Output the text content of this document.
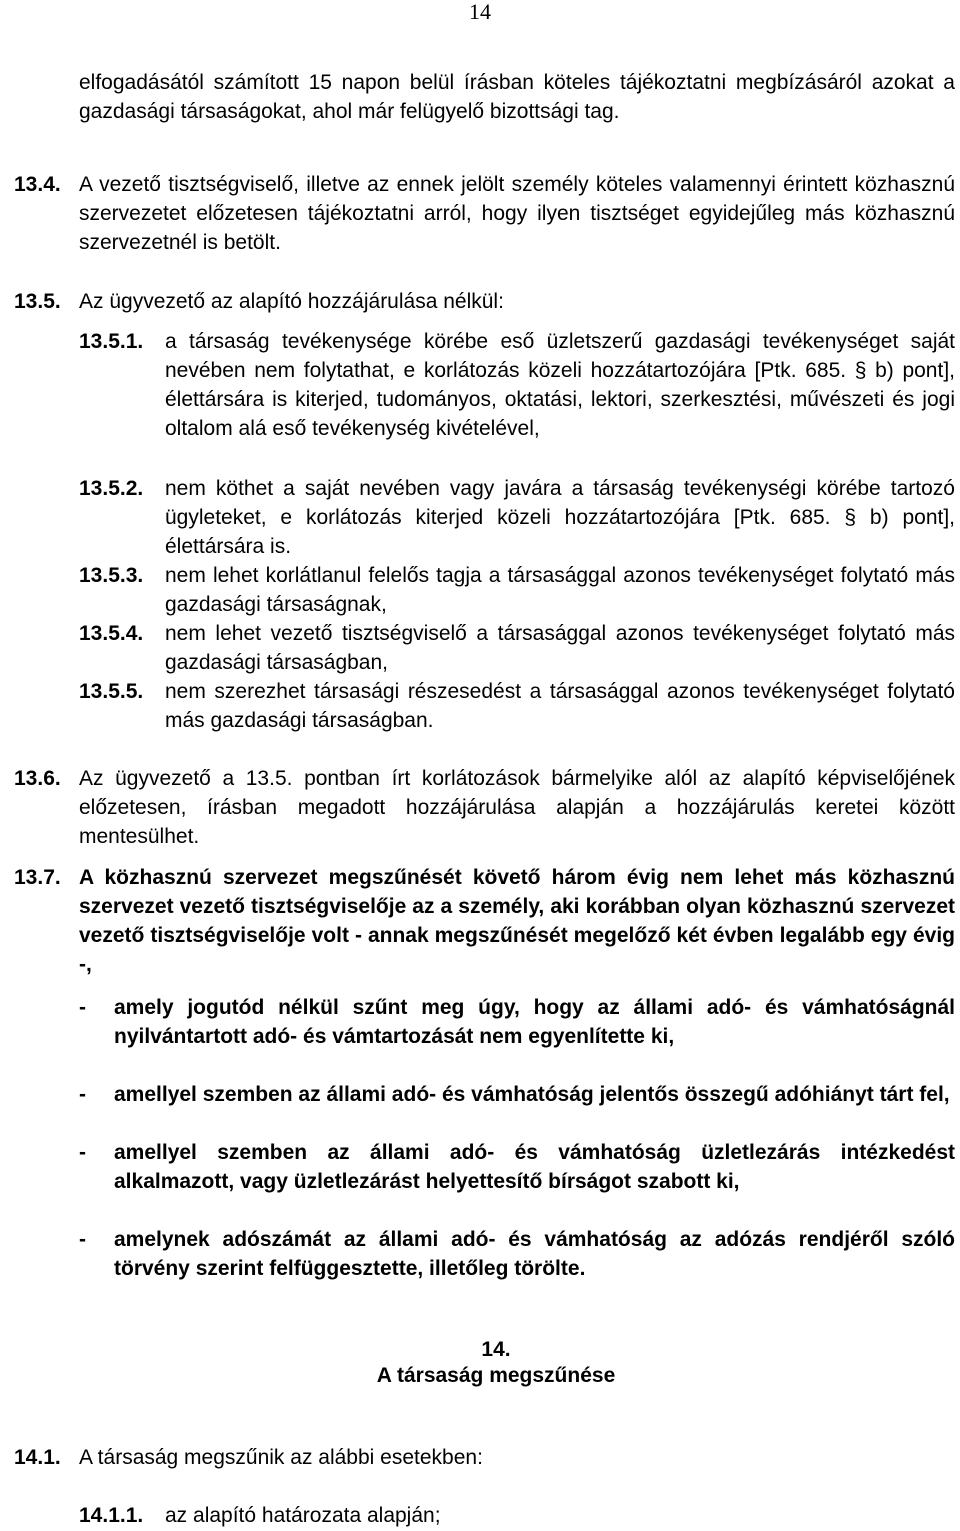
14
elfogadásától számított 15 napon belül írásban köteles tájékoztatni megbízásáról azokat a gazdasági társaságokat, ahol már felügyelő bizottsági tag.
13.4. A vezető tisztségviselő, illetve az ennek jelölt személy köteles valamennyi érintett közhasznú szervezetet előzetesen tájékoztatni arról, hogy ilyen tisztséget egyidejűleg más közhasznú szervezetnél is betölt.
13.5. Az ügyvezető az alapító hozzájárulása nélkül:
13.5.1. a társaság tevékenysége körébe eső üzletszerű gazdasági tevékenységet saját nevében nem folytathat, e korlátozás közeli hozzátartozójára [Ptk. 685. § b) pont], élettársára is kiterjed, tudományos, oktatási, lektori, szerkesztési, művészeti és jogi oltalom alá eső tevékenység kivételével,
13.5.2. nem köthet a saját nevében vagy javára a társaság tevékenységi körébe tartozó ügyleteket, e korlátozás kiterjed közeli hozzátartozójára [Ptk. 685. § b) pont], élettársára is.
13.5.3. nem lehet korlátlanul felelős tagja a társasággal azonos tevékenységet folytató más gazdasági társaságnak,
13.5.4. nem lehet vezető tisztségviselő a társasággal azonos tevékenységet folytató más gazdasági társaságban,
13.5.5. nem szerezhet társasági részesedést a társasággal azonos tevékenységet folytató más gazdasági társaságban.
13.6. Az ügyvezető a 13.5. pontban írt korlátozások bármelyike alól az alapító képviselőjének előzetesen, írásban megadott hozzájárulása alapján a hozzájárulás keretei között mentesülhet.
13.7. A közhasznú szervezet megszűnését követő három évig nem lehet más közhasznú szervezet vezető tisztségviselője az a személy, aki korábban olyan közhasznú szervezet vezető tisztségviselője volt - annak megszűnését megelőző két évben legalább egy évig -,
- amely jogutód nélkül szűnt meg úgy, hogy az állami adó- és vámhatóságnál nyilvántartott adó- és vámtartozását nem egyenlítette ki,
- amellyel szemben az állami adó- és vámhatóság jelentős összegű adóhiányt tárt fel,
- amellyel szemben az állami adó- és vámhatóság üzletlezárás intézkedést alkalmazott, vagy üzletlezárást helyettesítő bírságot szabott ki,
- amelynek adószámát az állami adó- és vámhatóság az adózás rendjéről szóló törvény szerint felfüggesztette, illetőleg törölte.
14.
A társaság megszűnése
14.1. A társaság megszűnik az alábbi esetekben:
14.1.1. az alapító határozata alapján;
